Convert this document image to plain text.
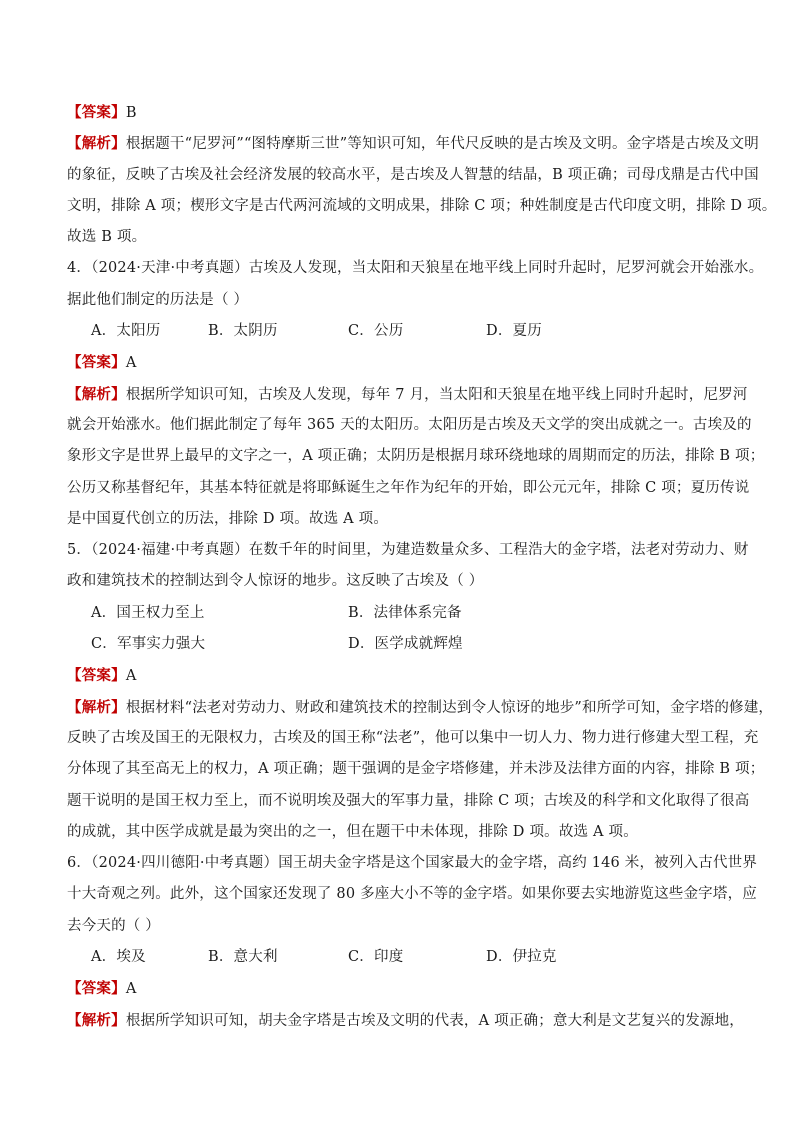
【答案】B
【解析】根据题干“尼罗河”“图特摩斯三世”等知识可知，年代尺反映的是古埃及文明。金字塔是古埃及文明
的象征，反映了古埃及社会经济发展的较高水平，是古埃及人智慧的结晶，B 项正确；司母戊鼎是古代中国
文明，排除 A 项；楔形文字是古代两河流域的文明成果，排除 C 项；种姓制度是古代印度文明，排除 D 项。
故选 B 项。
4．（2024·天津·中考真题）古埃及人发现，当太阳和天狼星在地平线上同时升起时，尼罗河就会开始涨水。
据此他们制定的历法是（ ）
A．太阳历	B．太阴历	C．公历	D．夏历
【答案】A
【解析】根据所学知识可知，古埃及人发现，每年 7 月，当太阳和天狼星在地平线上同时升起时，尼罗河
就会开始涨水。他们据此制定了每年 365 天的太阳历。太阳历是古埃及天文学的突出成就之一。古埃及的
象形文字是世界上最早的文字之一，A 项正确；太阴历是根据月球环绕地球的周期而定的历法，排除 B 项；
公历又称基督纪年，其基本特征就是将耶稣诞生之年作为纪年的开始，即公元元年，排除 C 项；夏历传说
是中国夏代创立的历法，排除 D 项。故选 A 项。
5．（2024·福建·中考真题）在数千年的时间里，为建造数量众多、工程浩大的金字塔，法老对劳动力、财
政和建筑技术的控制达到令人惊讶的地步。这反映了古埃及（ ）
A．国王权力至上	B．法律体系完备
C．军事实力强大	D．医学成就辉煌
【答案】A
【解析】根据材料“法老对劳动力、财政和建筑技术的控制达到令人惊讶的地步”和所学可知，金字塔的修建，
反映了古埃及国王的无限权力，古埃及的国王称“法老”，他可以集中一切人力、物力进行修建大型工程，充
分体现了其至高无上的权力，A 项正确；题干强调的是金字塔修建，并未涉及法律方面的内容，排除 B 项；
题干说明的是国王权力至上，而不说明埃及强大的军事力量，排除 C 项；古埃及的科学和文化取得了很高
的成就，其中医学成就是最为突出的之一，但在题干中未体现，排除 D 项。故选 A 项。
6．（2024·四川德阳·中考真题）国王胡夫金字塔是这个国家最大的金字塔，高约 146 米，被列入古代世界
十大奇观之列。此外，这个国家还发现了 80 多座大小不等的金字塔。如果你要去实地游览这些金字塔，应
去今天的（ ）
A．埃及	B．意大利	C．印度	D．伊拉克
【答案】A
【解析】根据所学知识可知，胡夫金字塔是古埃及文明的代表，A 项正确；意大利是文艺复兴的发源地，
